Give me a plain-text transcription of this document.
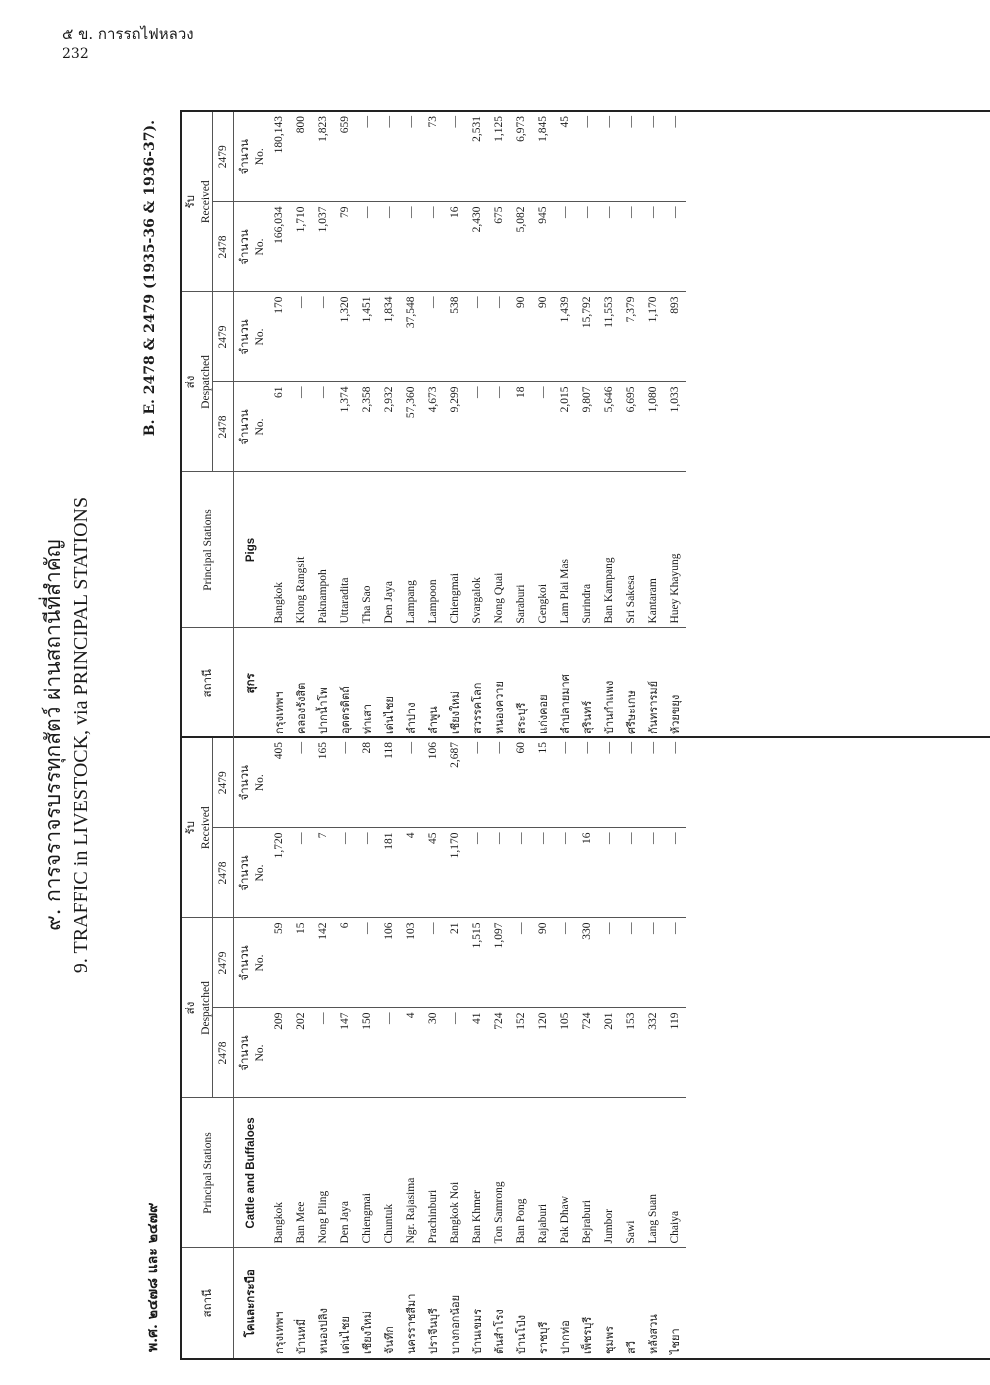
๕ ข. การรถไฟหลวง
232
๙. การจราจรบรรทุกสัตว์ ผ่านสถานีที่สำคัญ 9. TRAFFIC in LIVESTOCK, via PRINCIPAL STATIONS
พ.ศ. ๒๔๗๘ และ ๒๔๗๙
B. E. 2478 & 2479 (1935-36 & 1936-37).
สถานี	Principal Stations	ส่ง Despatched		รับ Received	
		2478	2479	2478	2479
โคและกระบือ	Cattle and Buffaloes	จำนวน No.	จำนวน No.	จำนวน No.	จำนวน No.
กรุงเทพฯ	Bangkok	209	59	1,720	405
บ้านหมี่	Ban Mee	202	15	—	—
หนองปลิง	Nong Pling	—	142	7	165
เด่นไชย	Den Jaya	147	6	—	—
เชียงใหม่	Chiengmai	150	—	—	28
จันทึก	Chuntuk	—	106	181	118
นครราชสีมา	Ngr. Rajasima	4	103	4	—
ปราจีนบุรี	Prachinburi	30	—	45	106
บางกอกน้อย	Bangkok Noi	—	21	1,170	2,687
บ้านเขมร	Ban Khmer	41	1,515	—	—
ต้นสำโรง	Ton Samrong	724	1,097	—	—
บ้านโป่ง	Ban Pong	152	—	—	60
ราชบุรี	Rajaburi	120	90	—	15
ปากท่อ	Pak Dhaw	105	—	—	—
เพ็ชรบุรี	Bejraburi	724	330	16	—
ชุมพร	Jumbor	201	—	—	—
สวี	Sawi	153	—	—	—
หลังสวน	Lang Suan	332	—	—	—
ไชยา	Chaiya	119	—	—	—
สถานี	Principal Stations	ส่ง Despatched		รับ Received	
		2478	2479	2478	2479
สุกร	Pigs	จำนวน No.	จำนวน No.	จำนวน No.	จำนวน No.
กรุงเทพฯ	Bangkok	61	170	166,034	180,143
คลองรังสิต	Klong Rangsit	—	—	1,710	800
ปากน้ำโพ	Paknampoh	—	—	1,037	1,823
อุตตรดิตถ์	Uttaradita	1,374	1,320	79	659
ท่าเสา	Tha Sao	2,358	1,451	—	—
เด่นไชย	Den Jaya	2,932	1,834	—	—
ลำปาง	Lampang	57,360	37,548	—	—
ลำพูน	Lampoon	4,673	—	—	73
เชียงใหม่	Chiengmai	9,299	538	16	—
สวรรคโลก	Svargalok	—	—	2,430	2,531
หนองควาย	Nong Quai	—	—	675	1,125
สระบุรี	Saraburi	18	90	5,082	6,973
แก่งคอย	Gengkoi	—	90	945	1,845
ลำปลายมาศ	Lam Plai Mas	2,015	1,439	—	45
สุรินทร์	Surindra	9,807	15,792	—	—
บ้านกำแพง	Ban Kampang	5,646	11,553	—	—
ศรีษะเกษ	Sri Sakesa	6,695	7,379	—	—
กันทรารมย์	Kantaram	1,080	1,170	—	—
ห้วยขยุง	Huey Khayung	1,033	893	—	—
